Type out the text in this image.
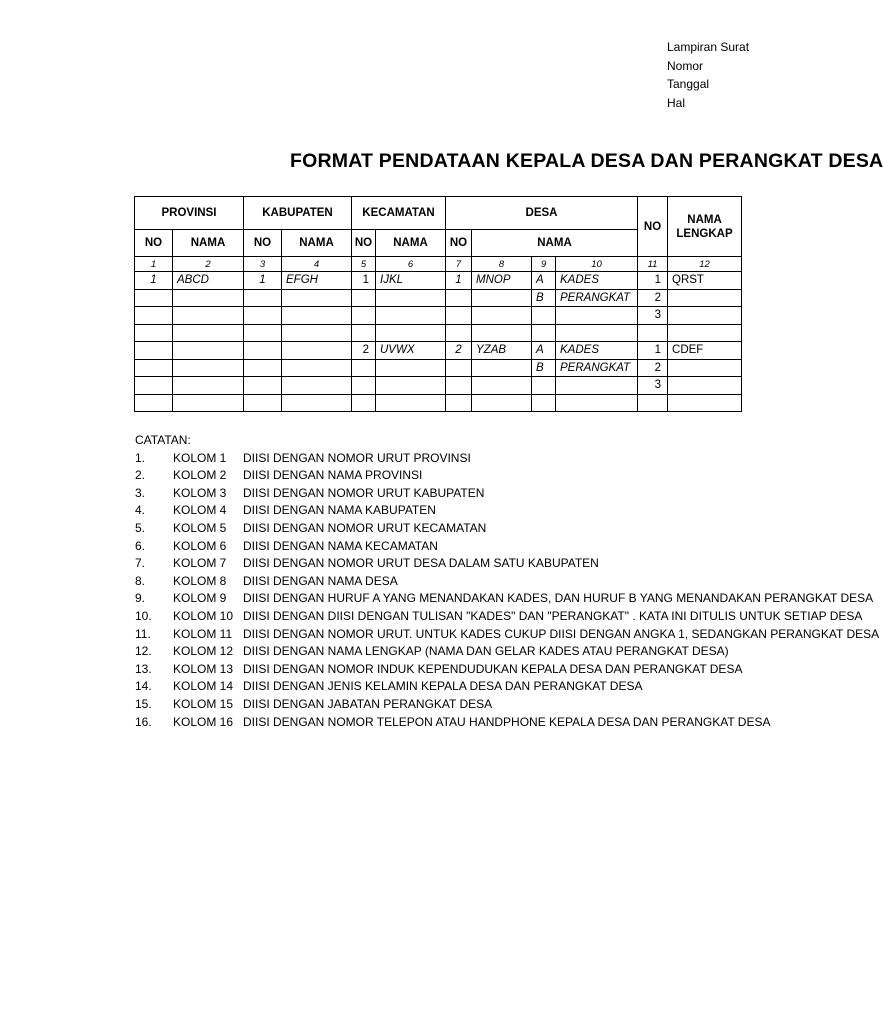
Lampiran Surat
Nomor
Tanggal
Hal
FORMAT PENDATAAN KEPALA DESA DAN PERANGKAT DESA
PROVINSI		KABUPATEN		KECAMATAN		DESA				NO	NAMA LENGKAP
NO	NAMA	NO	NAMA	NO	NAMA	NO	NAMA				
1	2	3	4	5	6	7	8	9	10	11	12
1	ABCD	1	EFGH	1	IJKL	1	MNOP	A	KADES	1	QRST
								B	PERANGKAT	2	
										3	

				2	UVWX	2	YZAB	A	KADES	1	CDEF
								B	PERANGKAT	2	
										3	

CATATAN:
1. KOLOM 1 DIISI DENGAN NOMOR URUT PROVINSI
2. KOLOM 2 DIISI DENGAN NAMA PROVINSI
3. KOLOM 3 DIISI DENGAN NOMOR URUT KABUPATEN
4. KOLOM 4 DIISI DENGAN NAMA KABUPATEN
5. KOLOM 5 DIISI DENGAN NOMOR URUT KECAMATAN
6. KOLOM 6 DIISI DENGAN NAMA KECAMATAN
7. KOLOM 7 DIISI DENGAN NOMOR URUT DESA DALAM SATU KABUPATEN
8. KOLOM 8 DIISI DENGAN NAMA DESA
9. KOLOM 9 DIISI DENGAN HURUF A YANG MENANDAKAN KADES, DAN HURUF B YANG MENANDAKAN PERANGKAT DESA
10. KOLOM 10 DIISI DENGAN DIISI DENGAN TULISAN "KADES" DAN "PERANGKAT" . KATA INI DITULIS UNTUK SETIAP DESA
11. KOLOM 11 DIISI DENGAN NOMOR URUT. UNTUK KADES CUKUP DIISI DENGAN ANGKA 1, SEDANGKAN PERANGKAT DESA
12. KOLOM 12 DIISI DENGAN NAMA LENGKAP (NAMA DAN GELAR KADES ATAU PERANGKAT DESA)
13. KOLOM 13 DIISI DENGAN NOMOR INDUK KEPENDUDUKAN KEPALA DESA DAN PERANGKAT DESA
14. KOLOM 14 DIISI DENGAN JENIS KELAMIN KEPALA DESA DAN PERANGKAT DESA
15. KOLOM 15 DIISI DENGAN JABATAN PERANGKAT DESA
16. KOLOM 16 DIISI DENGAN NOMOR TELEPON ATAU HANDPHONE KEPALA DESA DAN PERANGKAT DESA
